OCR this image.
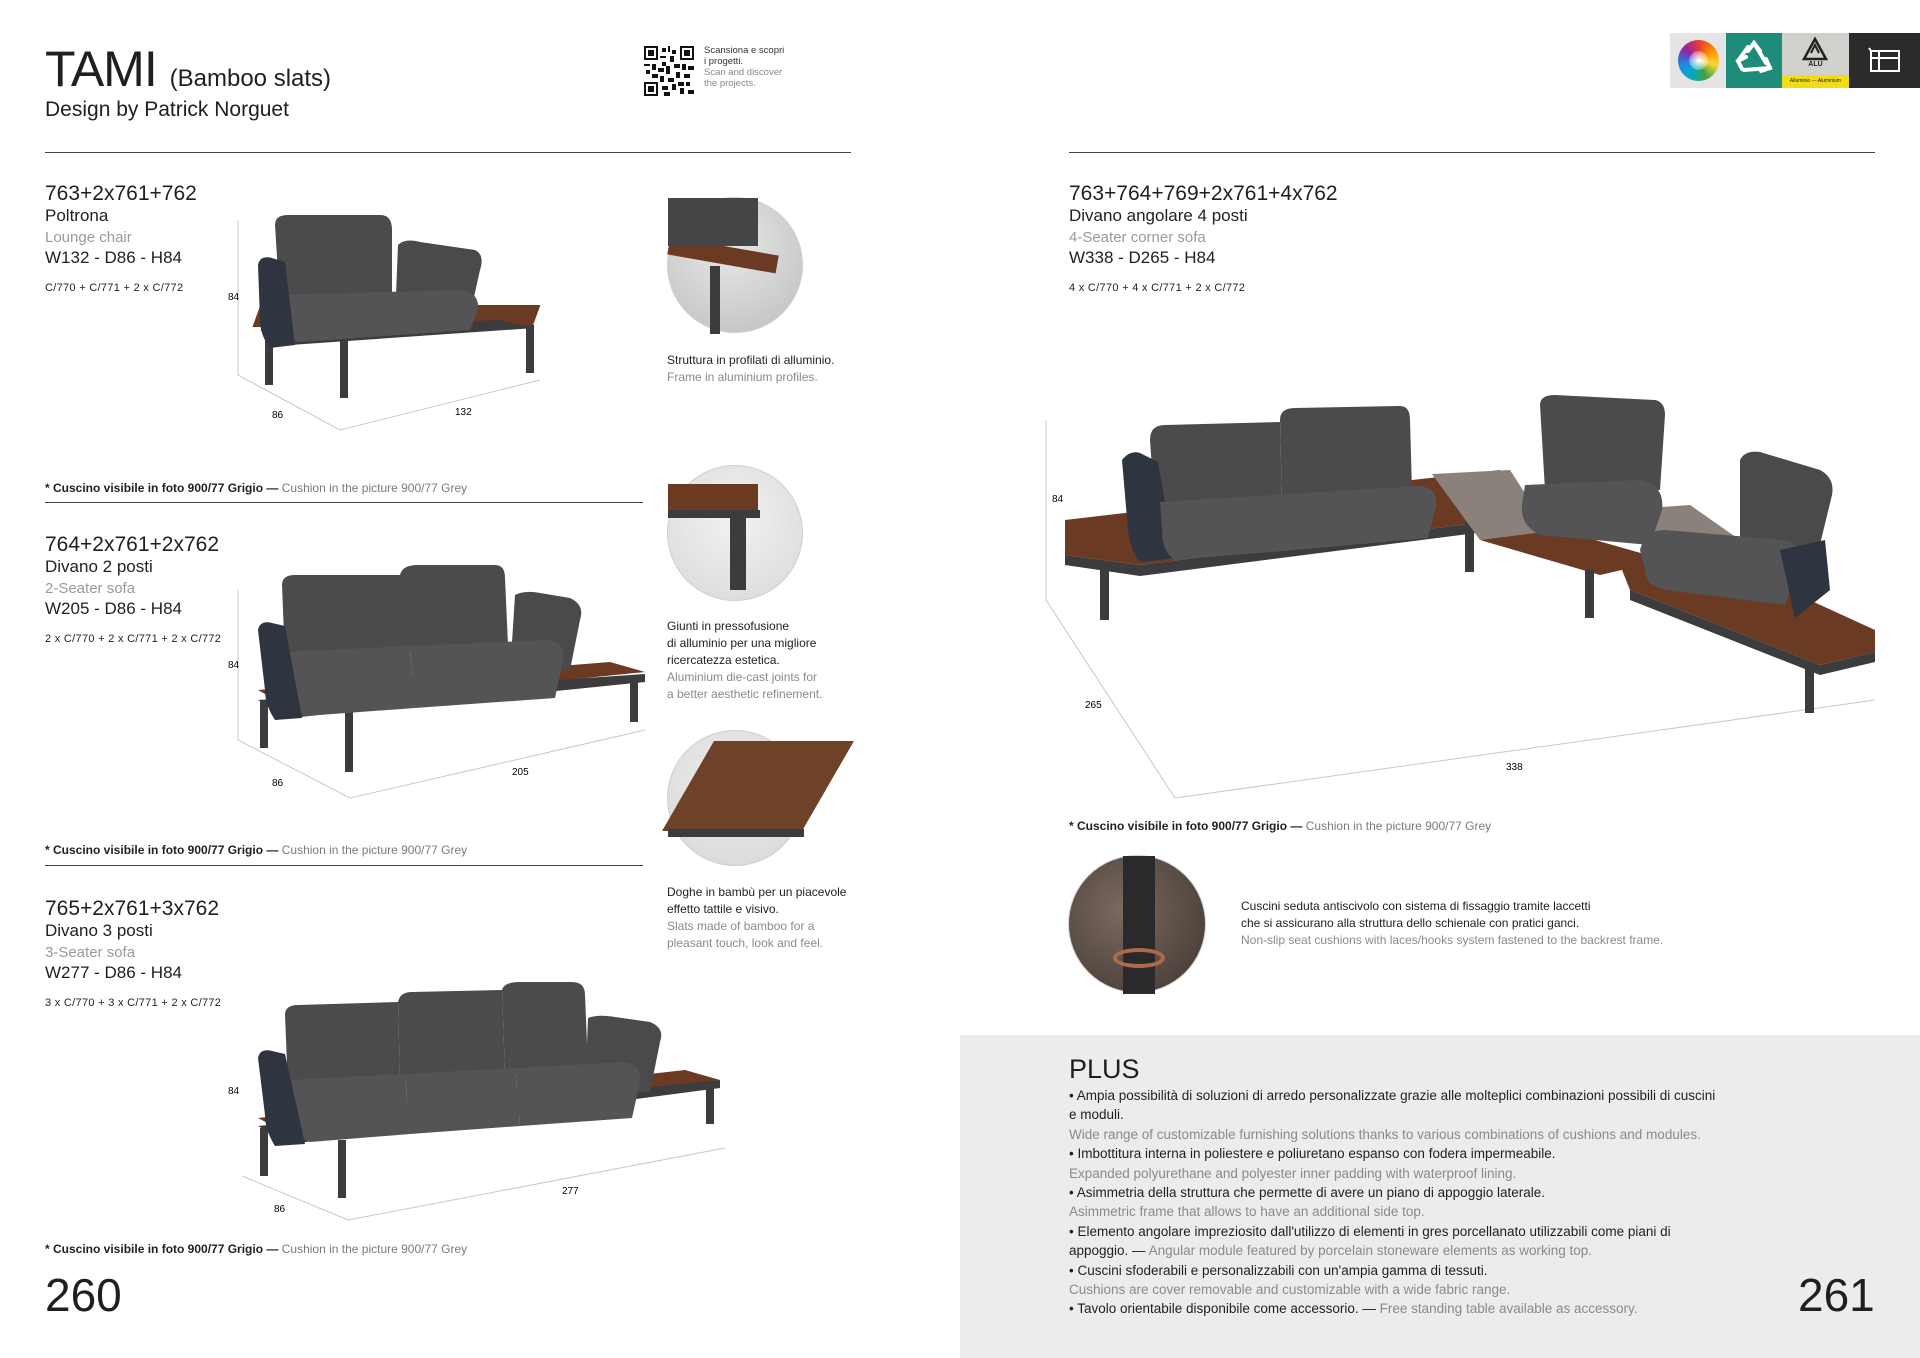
TAMI (Bamboo slats)
Design by Patrick Norguet
Scansiona e scopri
i progetti.
Scan and discover
the projects.
ALU
Alluminio — Aluminium
763+2x761+762
Poltrona
Lounge chair
W132 - D86 - H84
C/770 + C/771 + 2 x C/772
84
86	132
* Cuscino visibile in foto 900/77 Grigio — Cushion in the picture 900/77 Grey
764+2x761+2x762
Divano 2 posti
2-Seater sofa
W205 - D86 - H84
2 x C/770 + 2 x C/771 + 2 x C/772
84
86
205
* Cuscino visibile in foto 900/77 Grigio — Cushion in the picture 900/77 Grey
765+2x761+3x762
Divano 3 posti
3-Seater sofa
W277 - D86 - H84
3 x C/770 + 3 x C/771 + 2 x C/772
84
86
277
* Cuscino visibile in foto 900/77 Grigio — Cushion in the picture 900/77 Grey
Struttura in profilati di alluminio.
Frame in aluminium profiles.
Giunti in pressofusione
di alluminio per una migliore
ricercatezza estetica.
Aluminium die-cast joints for
a better aesthetic refinement.
Doghe in bambù per un piacevole
effetto tattile e visivo.
Slats made of bamboo for a
pleasant touch, look and feel.
763+764+769+2x761+4x762
Divano angolare 4 posti
4-Seater corner sofa
W338 - D265 - H84
4 x C/770 + 4 x C/771 + 2 x C/772
84
265
338
* Cuscino visibile in foto 900/77 Grigio — Cushion in the picture 900/77 Grey
Cuscini seduta antiscivolo con sistema di fissaggio tramite laccetti
che si assicurano alla struttura dello schienale con pratici ganci.
Non-slip seat cushions with laces/hooks system fastened to the backrest frame.
PLUS
• Ampia possibilità di soluzioni di arredo personalizzate grazie alle molteplici combinazioni possibili di cuscini
e moduli.
Wide range of customizable furnishing solutions thanks to various combinations of cushions and modules.
• Imbottitura interna in poliestere e poliuretano espanso con fodera impermeabile.
Expanded polyurethane and polyester inner padding with waterproof lining.
• Asimmetria della struttura che permette di avere un piano di appoggio laterale.
Asimmetric frame that allows to have an additional side top.
• Elemento angolare impreziosito dall'utilizzo di elementi in gres porcellanato utilizzabili come piani di
appoggio. — Angular module featured by porcelain stoneware elements as working top.
• Cuscini sfoderabili e personalizzabili con un'ampia gamma di tessuti.
Cushions are cover removable and customizable with a wide fabric range.
• Tavolo orientabile disponibile come accessorio. — Free standing table available as accessory.
260	261
